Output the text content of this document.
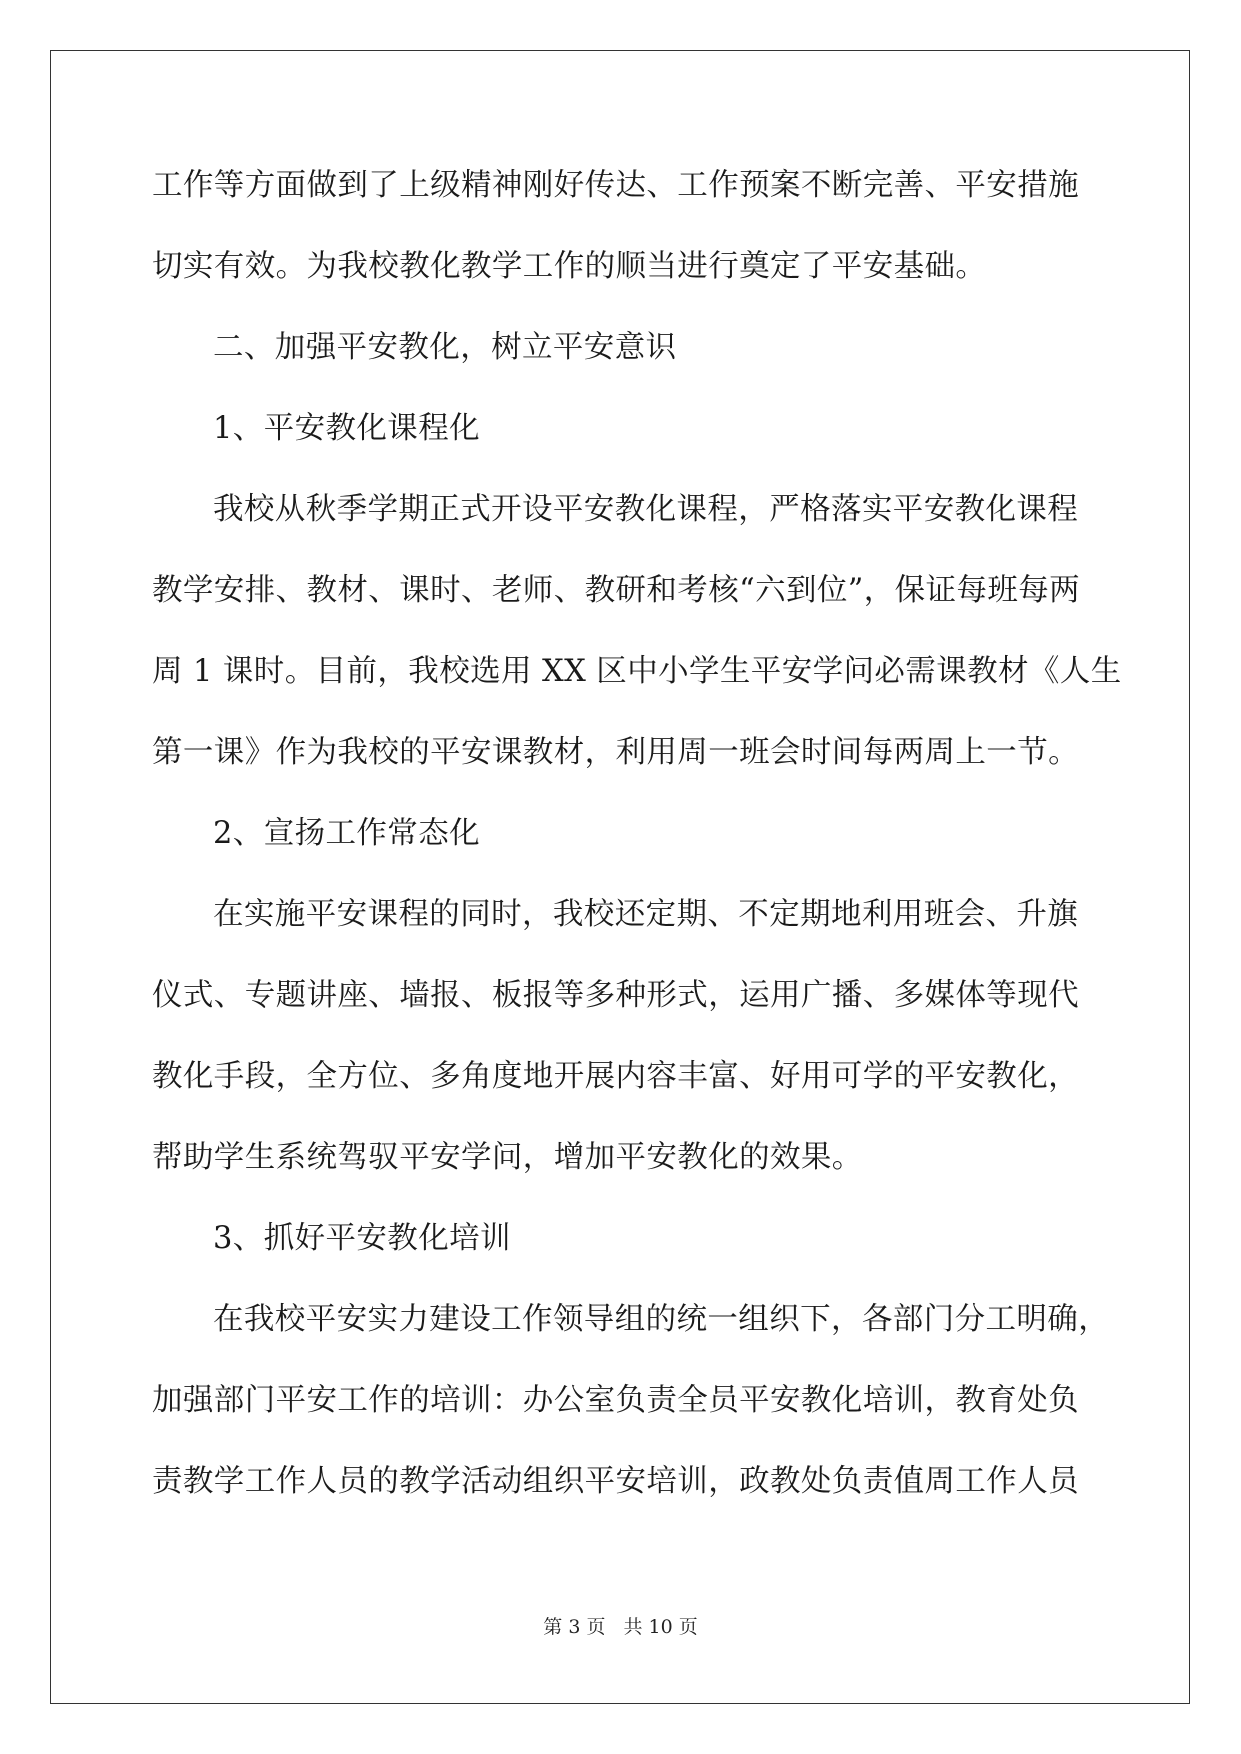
工作等方面做到了上级精神刚好传达、工作预案不断完善、平安措施
切实有效。为我校教化教学工作的顺当进行奠定了平安基础。
二、加强平安教化，树立平安意识
1、平安教化课程化
我校从秋季学期正式开设平安教化课程，严格落实平安教化课程
教学安排、教材、课时、老师、教研和考核“六到位”，保证每班每两
周 1 课时。目前，我校选用 XX 区中小学生平安学问必需课教材《人生
第一课》作为我校的平安课教材，利用周一班会时间每两周上一节。
2、宣扬工作常态化
在实施平安课程的同时，我校还定期、不定期地利用班会、升旗
仪式、专题讲座、墙报、板报等多种形式，运用广播、多媒体等现代
教化手段，全方位、多角度地开展内容丰富、好用可学的平安教化，
帮助学生系统驾驭平安学问，增加平安教化的效果。
3、抓好平安教化培训
在我校平安实力建设工作领导组的统一组织下，各部门分工明确，
加强部门平安工作的培训：办公室负责全员平安教化培训，教育处负
责教学工作人员的教学活动组织平安培训，政教处负责值周工作人员
第 3 页 共 10 页
